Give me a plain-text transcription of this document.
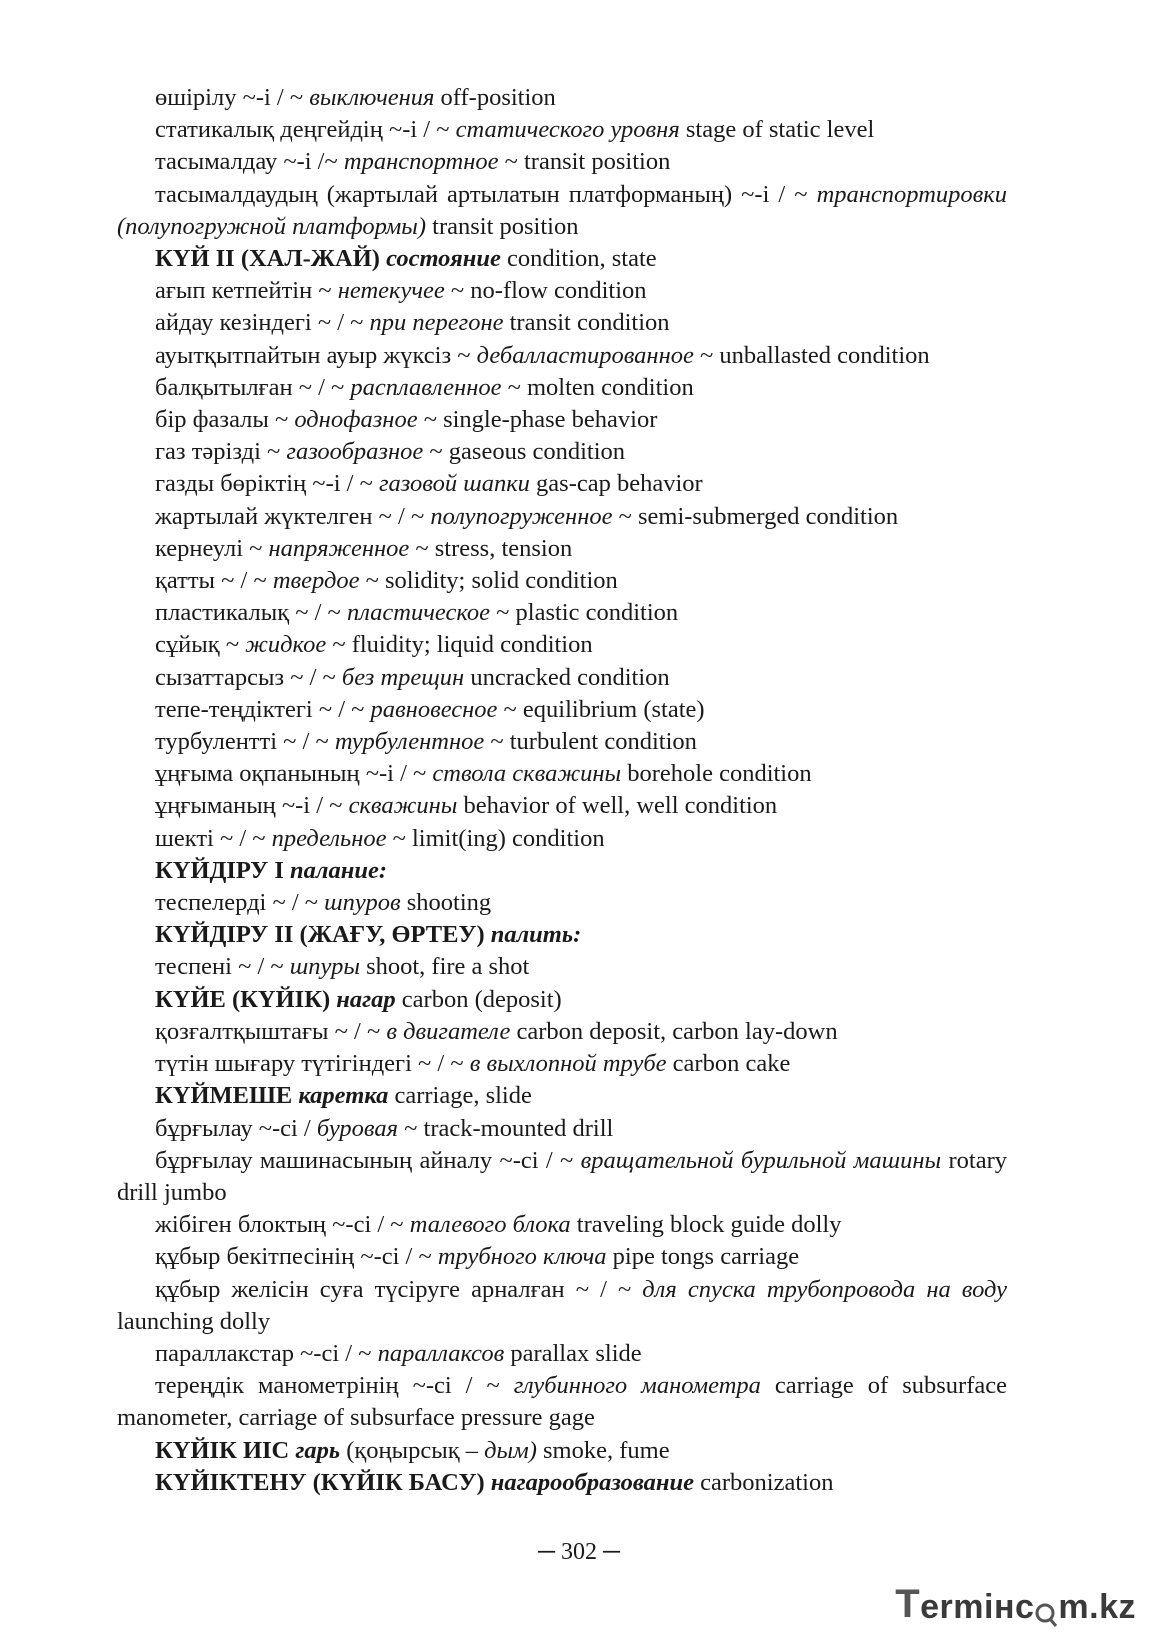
өшірілу ~-і / ~ выключения off-position
статикалық деңгейдің ~-і / ~ статического уровня stage of static level
тасымалдау ~-і /~ транспортное ~ transit position
тасымалдаудың (жартылай артылатын платформаның) ~-і / ~ транспортировки (полупогружной платформы) transit position
КҮЙ II (ХАЛ-ЖАЙ) состояние condition, state
ағып кетпейтін ~ нетекучее ~ no-flow condition
айдау кезіндегі ~ / ~ при перегоне transit condition
ауытқытпайтын ауыр жүксіз ~ дебалластированное ~ unballasted condition
балқытылған ~ / ~ расплавленное ~ molten condition
бір фазалы ~ однофазное ~ single-phase behavior
газ тәрізді ~ газообразное ~ gaseous condition
газды бөріктің ~-і / ~ газовой шапки gas-cap behavior
жартылай жүктелген ~ / ~ полупогруженное ~ semi-submerged condition
кернеулі ~ напряженное ~ stress, tension
қатты ~ / ~ твердое ~ solidity; solid condition
пластикалық ~ / ~ пластическое ~ plastic condition
сұйық ~ жидкое ~ fluidity; liquid condition
сызаттарсыз ~ / ~ без трещин uncracked condition
тепе-теңдіктегі ~ / ~ равновесное ~ equilibrium (state)
турбулентті ~ / ~ турбулентное ~ turbulent condition
ұңғыма оқпанының ~-і / ~ ствола скважины borehole condition
ұңғыманың ~-і / ~ скважины behavior of well, well condition
шекті ~ / ~ предельное ~ limit(ing) condition
КҮЙДІРУ I палание:
теспелерді ~ / ~ шпуров shooting
КҮЙДІРУ II (ЖАҒУ, ӨРТЕУ) палить:
теспені ~ / ~ шпуры shoot, fire a shot
КҮЙЕ (КҮЙІК) нагар carbon (deposit)
қозғалтқыштағы ~ / ~ в двигателе carbon deposit, carbon lay-down
түтін шығару түтігіндегі ~ / ~ в выхлопной трубе carbon cake
КҮЙМЕШЕ каретка carriage, slide
бұрғылау ~-сі / буровая ~ track-mounted drill
бұрғылау машинасының айналу ~-сі / ~ вращательной бурильной машины rotary drill jumbo
жібіген блоктың ~-сі / ~ талевого блока traveling block guide dolly
құбыр бекітпесінің ~-сі / ~ трубного ключа pipe tongs carriage
құбыр желісін суға түсіруге арналған ~ / ~ для спуска трубопровода на воду launching dolly
параллакстар ~-сі / ~ параллаксов parallax slide
тереңдік манометрінің ~-сі / ~ глубинного манометра carriage of subsurface manometer, carriage of subsurface pressure gage
КҮЙІК ИІС гарь (қоңырсық – дым) smoke, fume
КҮЙІКТЕНУ (КҮЙІК БАСУ) нагарообразование carbonization
─ 302 ─
T ermінc m.kz
